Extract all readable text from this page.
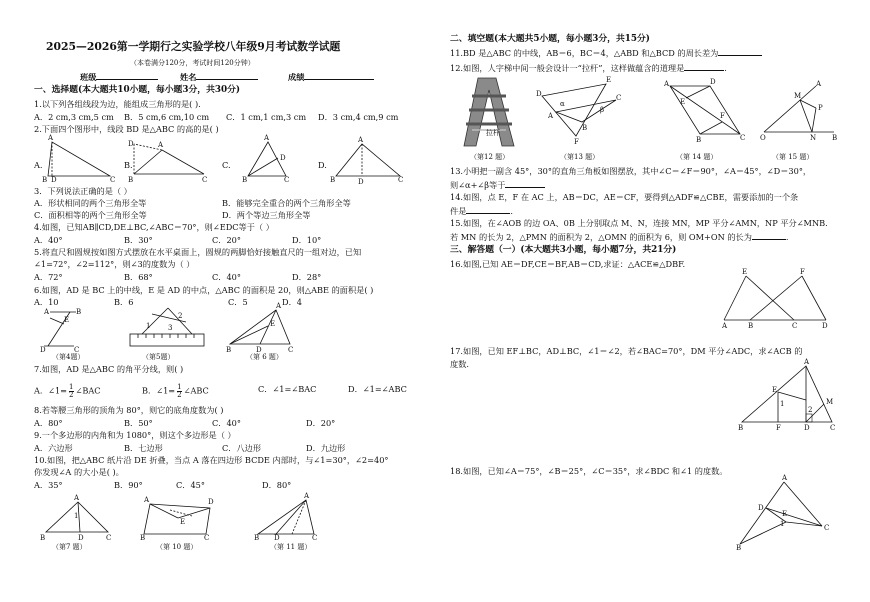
2025—2026第一学期行之实验学校八年级9月考试数学试题
（本卷满分120分，考试时间120分钟）
班级	姓名	成绩
一、选择题(本大题共10小题，每小题3分，共30分)
1.以下列各组线段为边，能组成三角形的是( ).
A．2 cm,3 cm,5 cm B．5 cm,6 cm,10 cm C．1 cm,1 cm,3 cm D．3 cm,4 cm,9 cm
2.下面四个图形中，线段 BD 是△ABC 的高的是( )
A.	B.	C.	D.
A
B D	C
D	A
B	C
A
B	C
D
A
B	D	C
3．下列说法正确的是（ ）
A．形状相同的两个三角形全等	B．能够完全重合的两个三角形全等
C．面积相等的两个三角形全等	D．两个等边三角形全等
4.如图，已知AB∥CD,DE⊥BC,∠ABC＝70°，则∠EDC等于（ ）
A．40°	B．30°	C．20°	D．10°
5.将直尺和圆规按如图方式摆放在水平桌面上，圆规的两脚恰好接触直尺的一组对边，已知
∠1=72°，∠2=112°，则∠3的度数为（ ）
A．72°	B．68°	C．40°	D．28°
6.如图，AD 是 BC 上的中线，E 是 AD 的中点，△ABC 的面积是 20，则△ABE 的面积是( )
A．10	B．6	C．5	D．4
A	B
D	C
E
（第4题）
1
2
3
（第5题）
A
B	D	C
E
（第 6 题）
7.如图，AD 是△ABC 的角平分线，则( )
A．∠1= $\frac{1}{2}$ ∠BAC	B．∠1= $\frac{1}{2}$ ∠ABC	C．∠1=∠BAC	D．∠1=∠ABC
8.若等腰三角形的顶角为 80°，则它的底角度数为( )
A．80°	B．50°	C．40°	D．20°
9.一个多边形的内角和为 1080°，则这个多边形是（ ）
A．六边形	B．七边形	C．八边形	D．九边形
10.如图，把△ABC 纸片沿 DE 折叠，当点 A 落在四边形 BCDE 内部时，与∠1=30°，∠2=40°
你发现∠A 的大小是( )。
A．35°	B．90°	C．45°	D．80°
A
B	D	C
1
（第7 题）
A	D
B	C
E
（第 10 题）
A
B D	C
（第 11 题）
二、填空题(本大题共5小题，每小题3分，共15分)
11.BD 是△ABC 的中线，AB＝6，BC＝4，△ABD 和△BCD 的周长差为
12.如图，人字梯中间一般会设计一“拉杆”，这样做蕴含的道理是	.
拉杆
（第12 题）
D
E
F
A
C
B
α
β
（第13 题）
A	D
E
F
B	C
（第 14 题）
A
M
P
O	N B
（第 15 题）
13.小明把一副含 45°，30°的直角三角板如图摆放，其中∠C＝∠F＝90°，∠A＝45°，∠D＝30°，
则∠α+∠β等于
14.如图，点 E，F 在 AC 上，AB＝DC，AE＝CF，要得到△ADF≌△CBE，需要添加的一个条
件是	.
15.如图，在∠AOB 的边 OA、0B 上分别取点 M、N，连接 MN，MP 平分∠AMN，NP 平分∠MNB.
若 MN 的长为 2，△PMN 的面积为 2，△OMN 的面积为 6，则 OM+ON 的长为	.
三、解答题（一）(本大题共3小题，每小题7分，共21分)
16.如图,已知 AE＝DF,CE＝BF,AB＝CD,求证：△ACE≌△DBF.
E	F
A	B	C	D
17.如图，已知 EF⊥BC，AD⊥BC，∠1＝∠2，若∠BAC=70°，DM 平分∠ADC，求∠ACB 的
度数.	A
E
1
2
M
B	F	D	C
18.如图，已知∠A＝75°，∠B＝25°，∠C＝35°，求∠BDC 和∠1 的度数。
A
D
E
1	C
B
